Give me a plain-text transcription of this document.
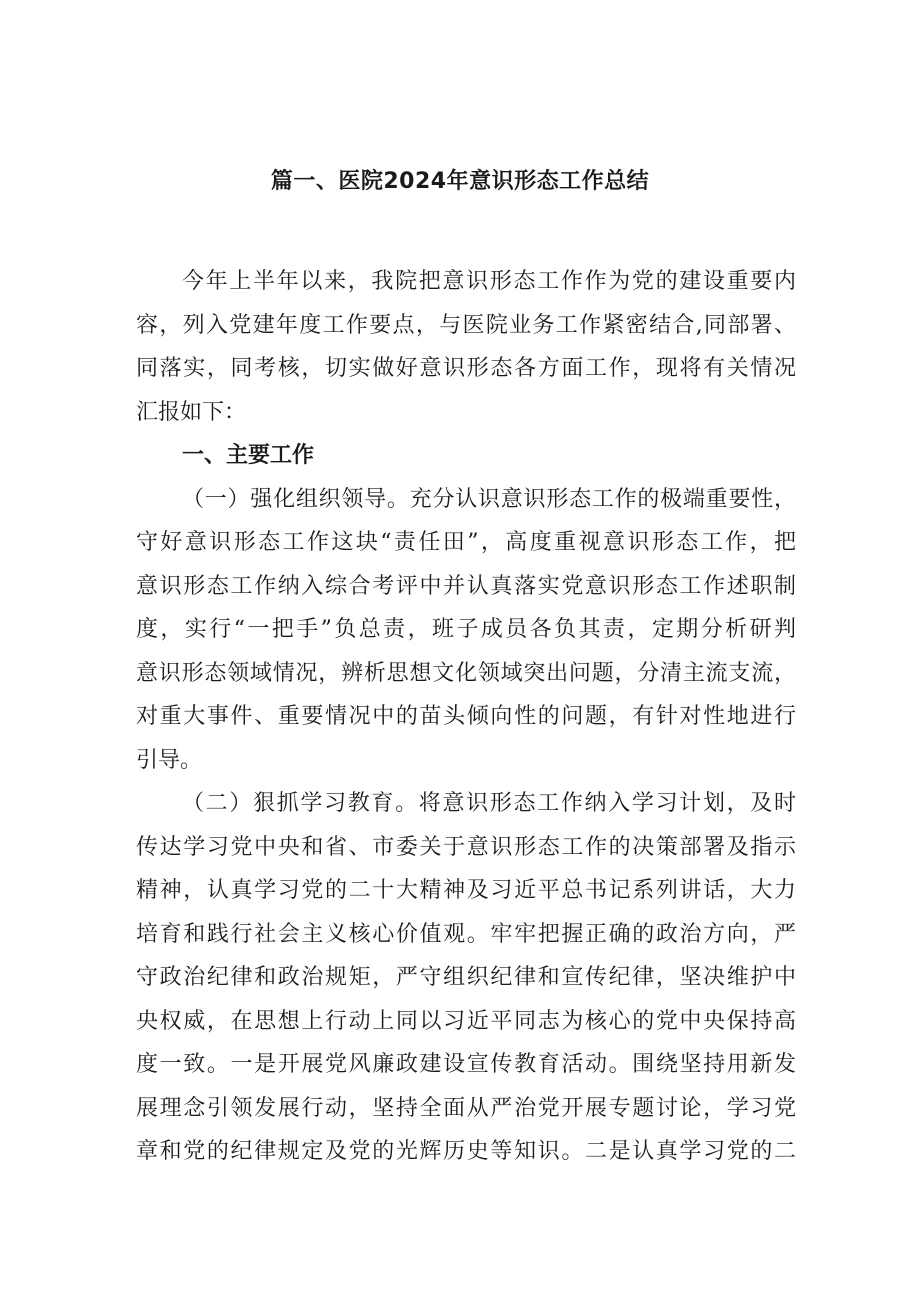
篇一、医院2024年意识形态工作总结
今年上半年以来，我院把意识形态工作作为党的建设重要内
容，列入党建年度工作要点，与医院业务工作紧密结合,同部署、
同落实，同考核，切实做好意识形态各方面工作，现将有关情况
汇报如下：
一、主要工作
（一）强化组织领导。充分认识意识形态工作的极端重要性，
守好意识形态工作这块“责任田”，高度重视意识形态工作，把
意识形态工作纳入综合考评中并认真落实党意识形态工作述职制
度，实行“一把手”负总责，班子成员各负其责，定期分析研判
意识形态领域情况，辨析思想文化领域突出问题，分清主流支流，
对重大事件、重要情况中的苗头倾向性的问题，有针对性地进行
引导。
（二）狠抓学习教育。将意识形态工作纳入学习计划，及时
传达学习党中央和省、市委关于意识形态工作的决策部署及指示
精神，认真学习党的二十大精神及习近平总书记系列讲话，大力
培育和践行社会主义核心价值观。牢牢把握正确的政治方向，严
守政治纪律和政治规矩，严守组织纪律和宣传纪律，坚决维护中
央权威，在思想上行动上同以习近平同志为核心的党中央保持高
度一致。一是开展党风廉政建设宣传教育活动。围绕坚持用新发
展理念引领发展行动，坚持全面从严治党开展专题讨论，学习党
章和党的纪律规定及党的光辉历史等知识。二是认真学习党的二
